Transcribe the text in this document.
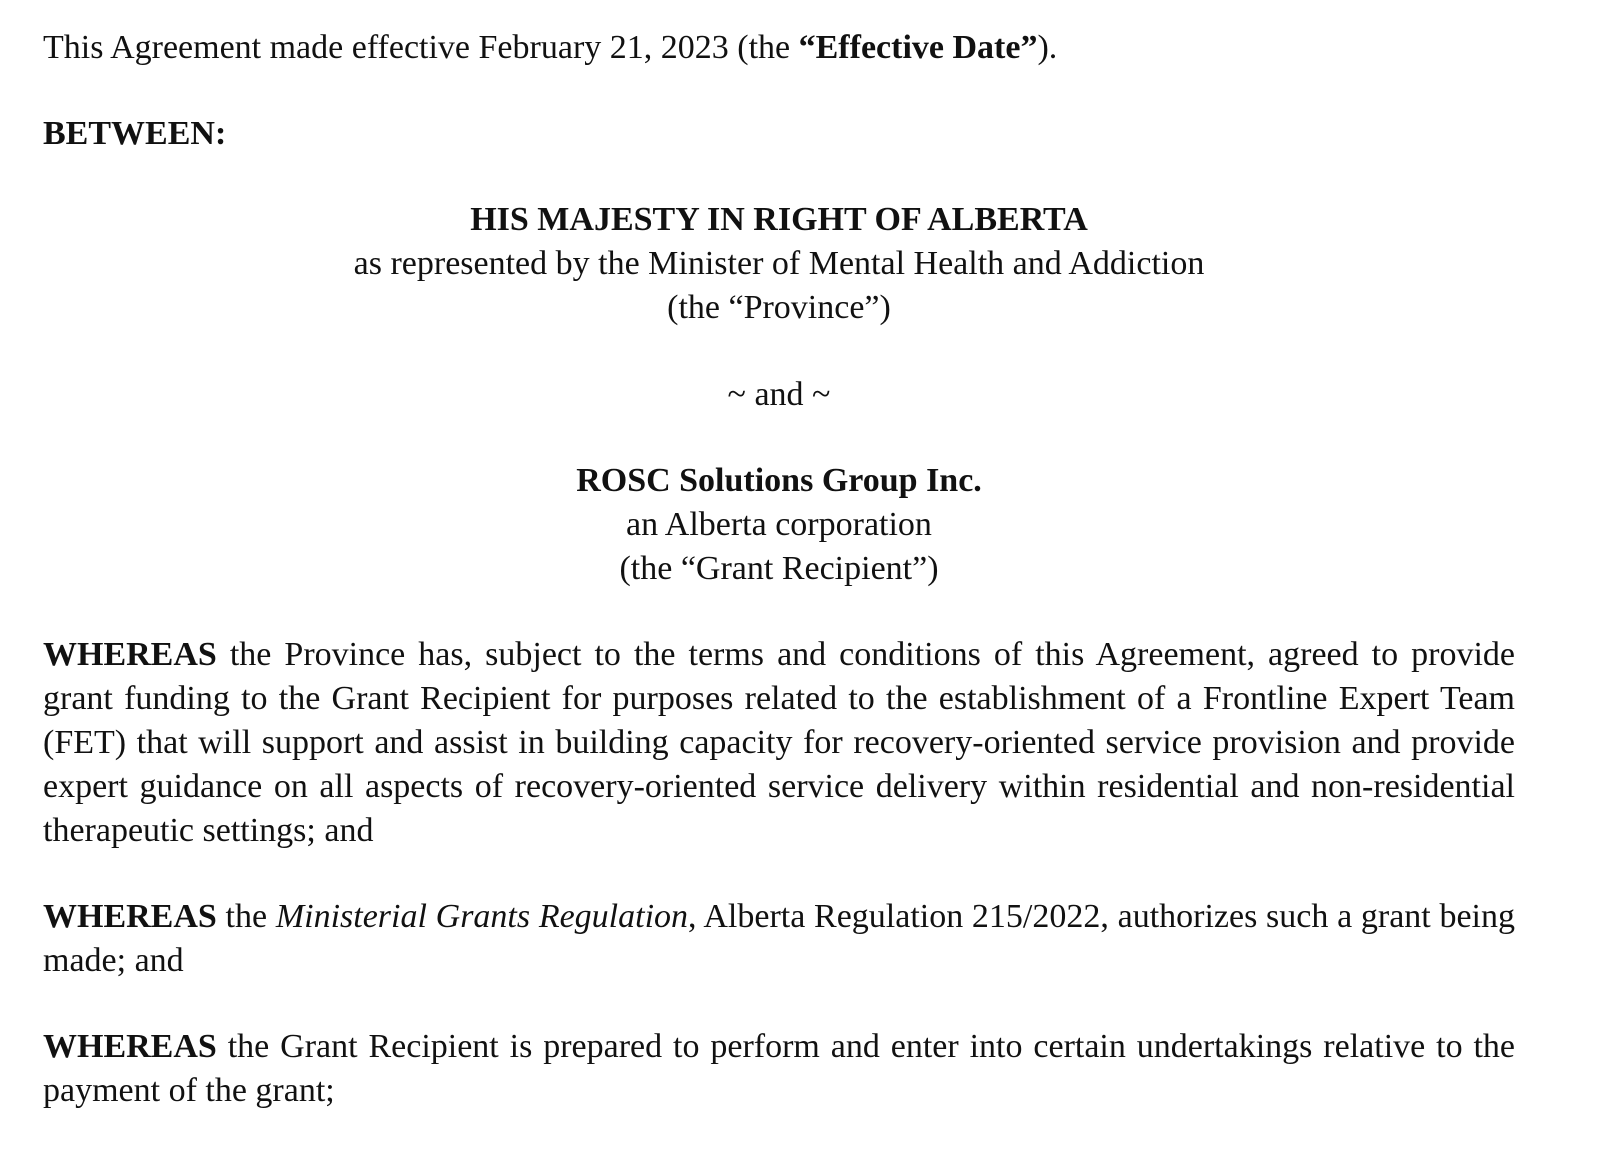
This Agreement made effective February 21, 2023 (the “Effective Date”).

BETWEEN:

HIS MAJESTY IN RIGHT OF ALBERTA

as represented by the Minister of Mental Health and Addiction

(the “Province”)

~ and ~

ROSC Solutions Group Inc.

an Alberta corporation

(the “Grant Recipient”)

WHEREAS the Province has, subject to the terms and conditions of this Agreement, agreed to provide grant funding to the Grant Recipient for purposes related to the establishment of a Frontline Expert Team (FET) that will support and assist in building capacity for recovery-oriented service provision and provide expert guidance on all aspects of recovery-oriented service delivery within residential and non-residential therapeutic settings; and

WHEREAS the Ministerial Grants Regulation, Alberta Regulation 215/2022, authorizes such a grant being made; and

WHEREAS the Grant Recipient is prepared to perform and enter into certain undertakings relative to the payment of the grant;
